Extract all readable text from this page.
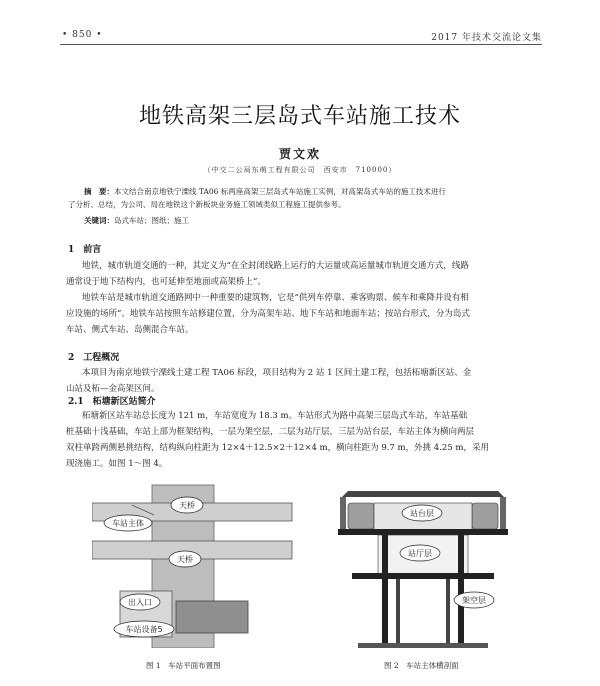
• 850 •	2017 年技术交流论文集
地铁高架三层岛式车站施工技术
贾文欢
（中交二公局东萌工程有限公司　西安市　710000）
摘　要：本文结合南京地铁宁溧线 TA06 标两座高架三层岛式车站施工实例，对高架岛式车站的施工技术进行
了分析、总结，为公司、局在地铁这个新板块业务施工领域类似工程施工提供参考。
关键词：岛式车站；图纸；施工
1　前言
地铁，城市轨道交通的一种，其定义为“在全封闭线路上运行的大运量或高运量城市轨道交通方式，线路
通常设于地下结构内，也可延伸至地面或高架桥上”。
地铁车站是城市轨道交通路网中一种重要的建筑物，它是“供列车停靠、乘客购票、候车和乘降并设有相
应设施的场所”。地铁车站按照车站修建位置，分为高架车站、地下车站和地面车站；按站台形式，分为岛式
车站、侧式车站、岛侧混合车站。
2　工程概况
本项目为南京地铁宁溧线土建工程 TA06 标段，项目结构为 2 站 1 区间土建工程，包括柘塘新区站、金
山站及柘—金高架区间。
2.1　柘塘新区站简介
柘塘新区站车站总长度为 121 m，车站宽度为 18.3 m。车站形式为路中高架三层岛式车站，车站基础
桩基础十浅基础，车站上部为框架结构，一层为架空层，二层为站厅层，三层为站台层，车站主体为横向两层
双柱单跨两侧悬挑结构，结构纵向柱距为 12×4＋12.5×2＋12×4 m，横向柱距为 9.7 m，外挑 4.25 m，采用
现浇施工。如图 1～图 4。
车站主体
天桥
天桥
出入口
车站设备5
图 1　车站平面布置图
站台层
站厅层
架空层
图 2　车站主体横剖面
